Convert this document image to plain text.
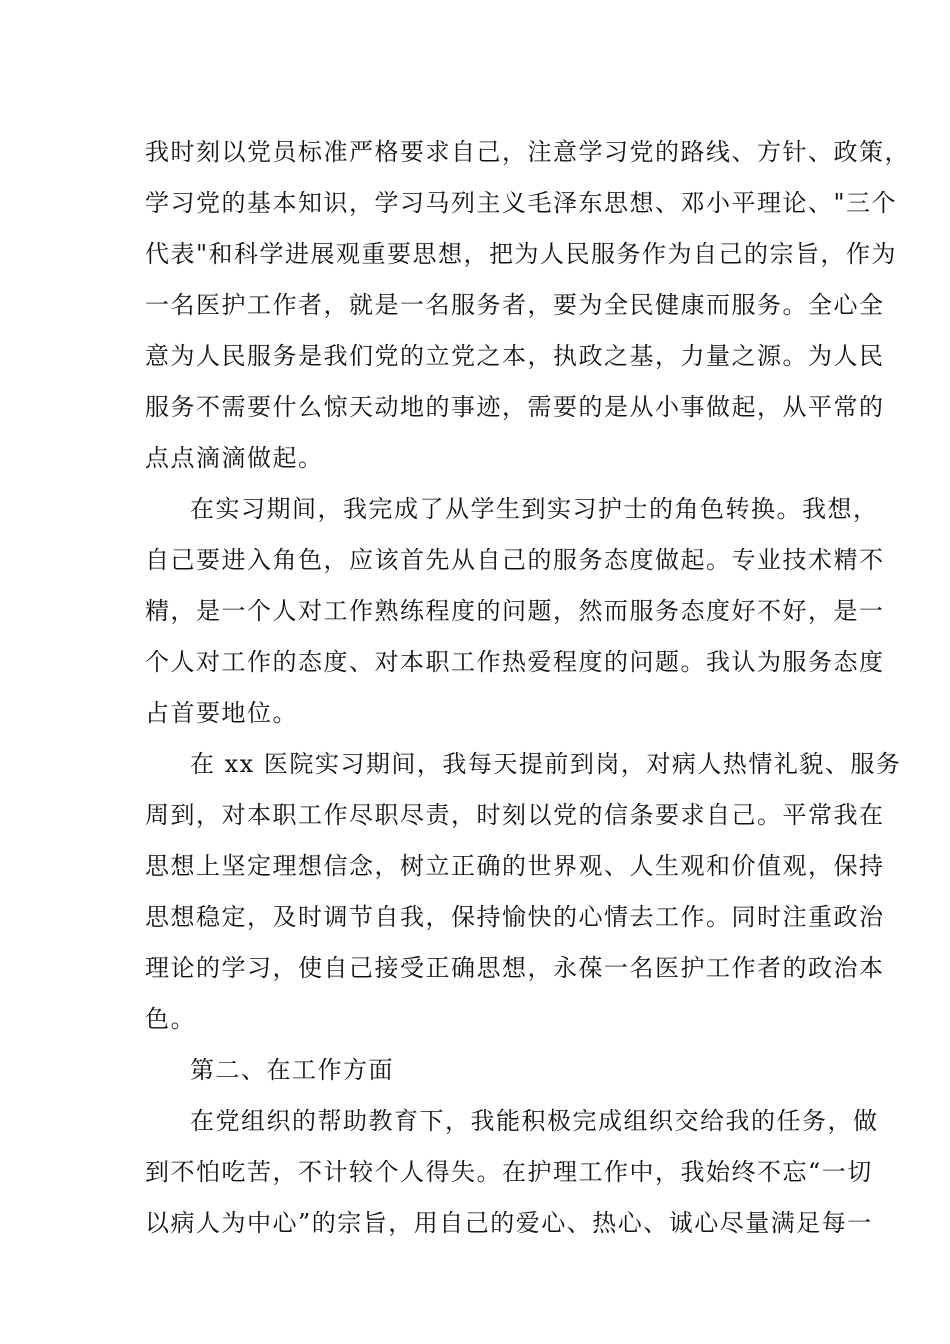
我时刻以党员标准严格要求自己，注意学习党的路线、方针、政策，
学习党的基本知识，学习马列主义毛泽东思想、邓小平理论、"三个
代表"和科学进展观重要思想，把为人民服务作为自己的宗旨，作为
一名医护工作者，就是一名服务者，要为全民健康而服务。全心全
意为人民服务是我们党的立党之本，执政之基，力量之源。为人民
服务不需要什么惊天动地的事迹，需要的是从小事做起，从平常的
点点滴滴做起。
在实习期间，我完成了从学生到实习护士的角色转换。我想，
自己要进入角色，应该首先从自己的服务态度做起。专业技术精不
精，是一个人对工作熟练程度的问题，然而服务态度好不好，是一
个人对工作的态度、对本职工作热爱程度的问题。我认为服务态度
占首要地位。
在 xx 医院实习期间，我每天提前到岗，对病人热情礼貌、服务
周到，对本职工作尽职尽责，时刻以党的信条要求自己。平常我在
思想上坚定理想信念，树立正确的世界观、人生观和价值观，保持
思想稳定，及时调节自我，保持愉快的心情去工作。同时注重政治
理论的学习，使自己接受正确思想，永葆一名医护工作者的政治本
色。
第二、在工作方面
在党组织的帮助教育下，我能积极完成组织交给我的任务，做
到不怕吃苦，不计较个人得失。在护理工作中，我始终不忘“一切
以病人为中心”的宗旨，用自己的爱心、热心、诚心尽量满足每一
